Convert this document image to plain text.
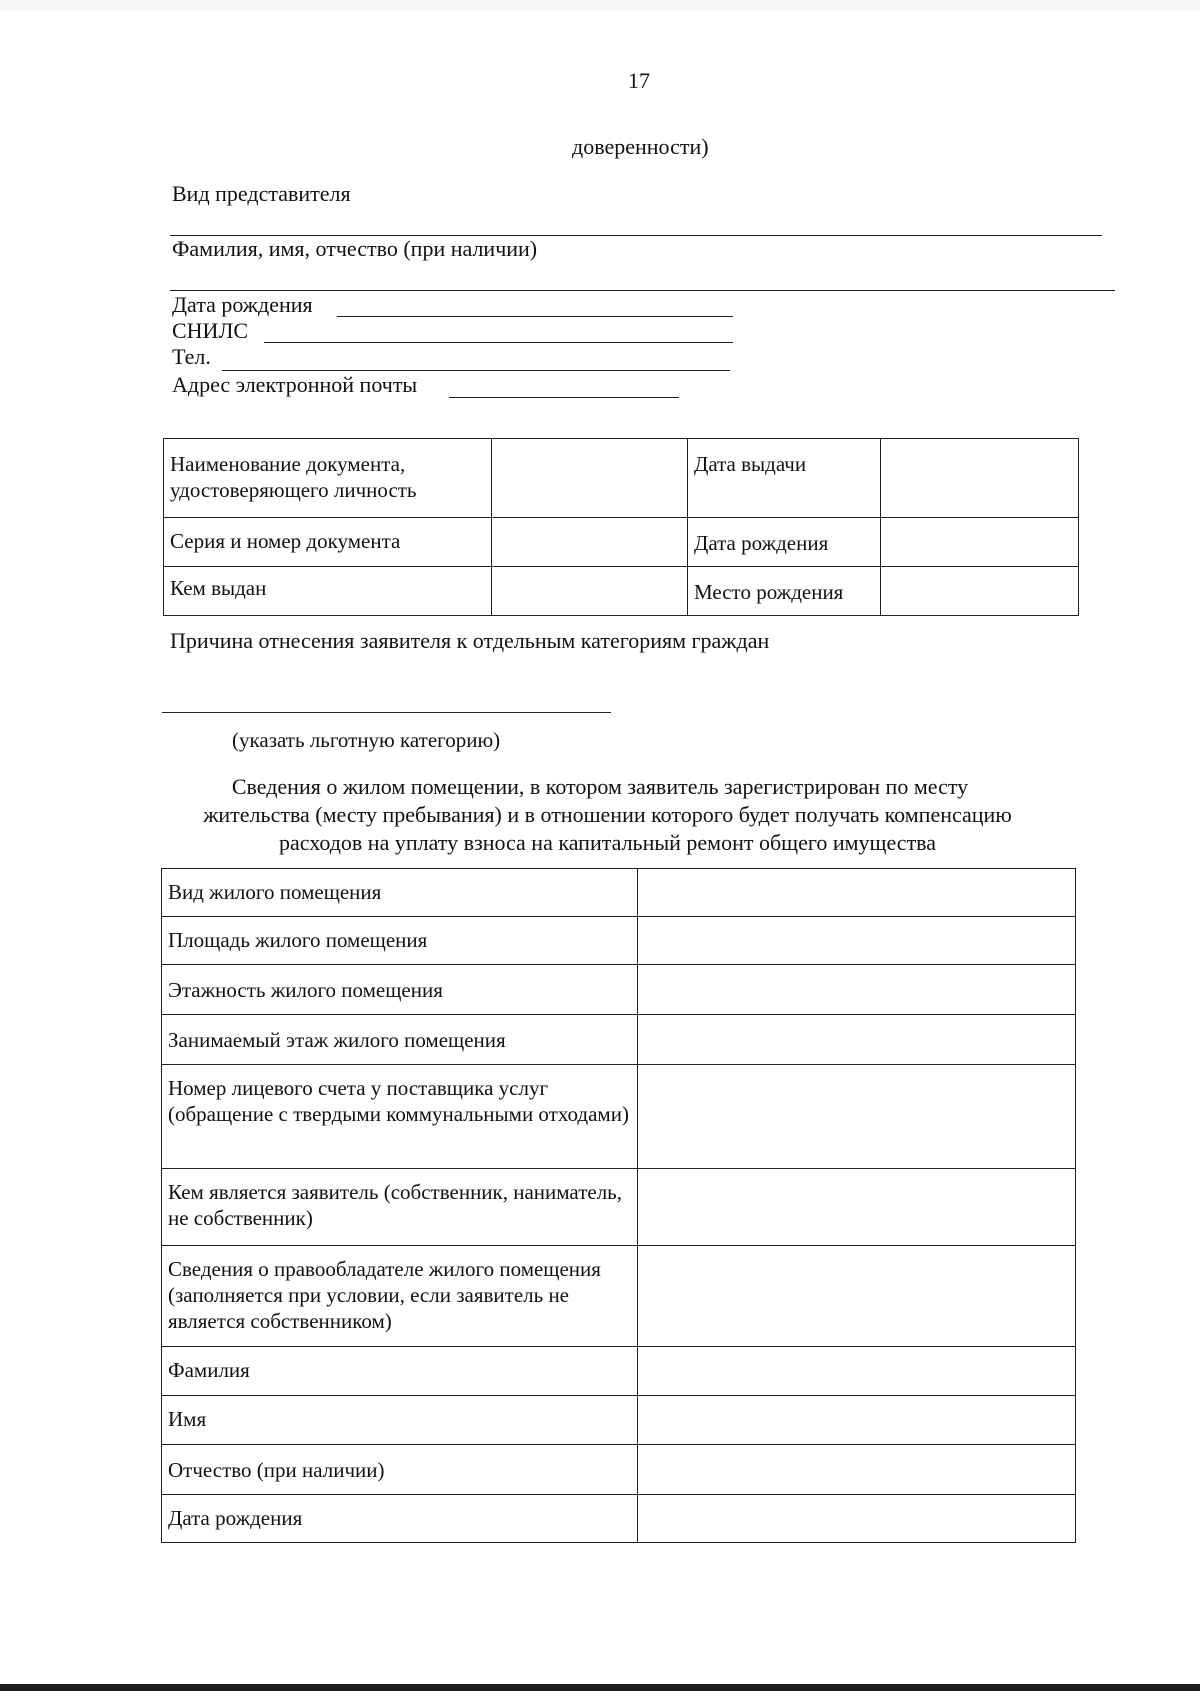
17
доверенности)
Вид представителя
Фамилия, имя, отчество (при наличии)
Дата рождения
СНИЛС
Тел.
Адрес электронной почты
Наименование документа, удостоверяющего личность		Дата выдачи	
Серия и номер документа		Дата рождения	
Кем выдан		Место рождения	
Причина отнесения заявителя к отдельным категориям граждан
(указать льготную категорию)
Сведения о жилом помещении, в котором заявитель зарегистрирован по месту
жительства (месту пребывания) и в отношении которого будет получать компенсацию
расходов на уплату взноса на капитальный ремонт общего имущества
Вид жилого помещения	
Площадь жилого помещения	
Этажность жилого помещения	
Занимаемый этаж жилого помещения	
Номер лицевого счета у поставщика услуг (обращение с твердыми коммунальными отходами)	
Кем является заявитель (собственник, наниматель, не собственник)	
Сведения о правообладателе жилого помещения (заполняется при условии, если заявитель не является собственником)	
Фамилия	
Имя	
Отчество (при наличии)	
Дата рождения	
